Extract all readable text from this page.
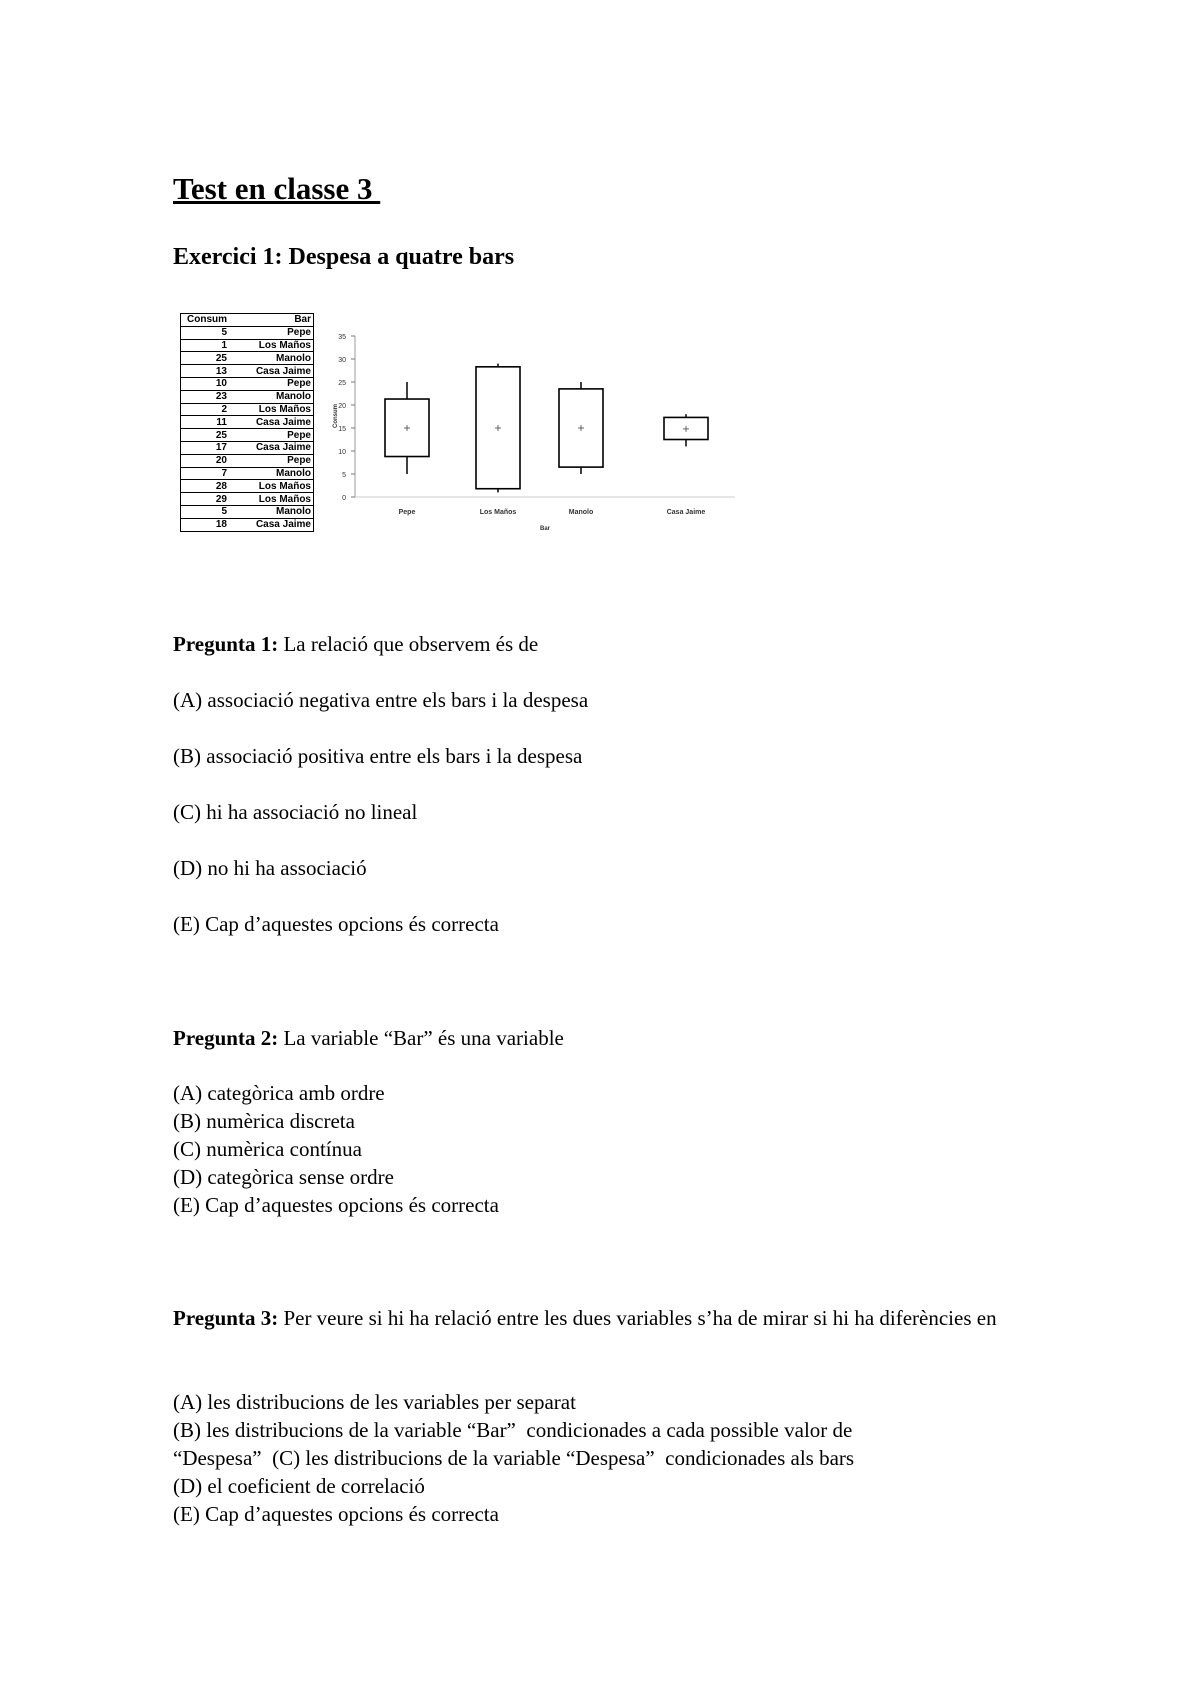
Test en classe 3
Exercici 1: Despesa a quatre bars
Consum	Bar
5	Pepe
1	Los Maños
25	Manolo
13	Casa Jaime
10	Pepe
23	Manolo
2	Los Maños
11	Casa Jaime
25	Pepe
17	Casa Jaime
20	Pepe
7	Manolo
28	Los Maños
29	Los Maños
5	Manolo
18	Casa Jaime
0
5
10
15
20
25
30
35
Consum
Pepe	Los Maños	Manolo	Casa Jaime
Bar

Pregunta 1: La relació que observem és de

(A) associació negativa entre els bars i la despesa

(B) associació positiva entre els bars i la despesa

(C) hi ha associació no lineal

(D) no hi ha associació

(E) Cap d’aquestes opcions és correcta

Pregunta 2: La variable “Bar” és una variable

(A) categòrica amb ordre

(B) numèrica discreta

(C) numèrica contínua

(D) categòrica sense ordre

(E) Cap d’aquestes opcions és correcta

Pregunta 3: Per veure si hi ha relació entre les dues variables s’ha de mirar si hi ha diferències en

(A) les distribucions de les variables per separat

(B) les distribucions de la variable “Bar”  condicionades a cada possible valor de

“Despesa”  (C) les distribucions de la variable “Despesa”  condicionades als bars

(D) el coeficient de correlació

(E) Cap d’aquestes opcions és correcta
